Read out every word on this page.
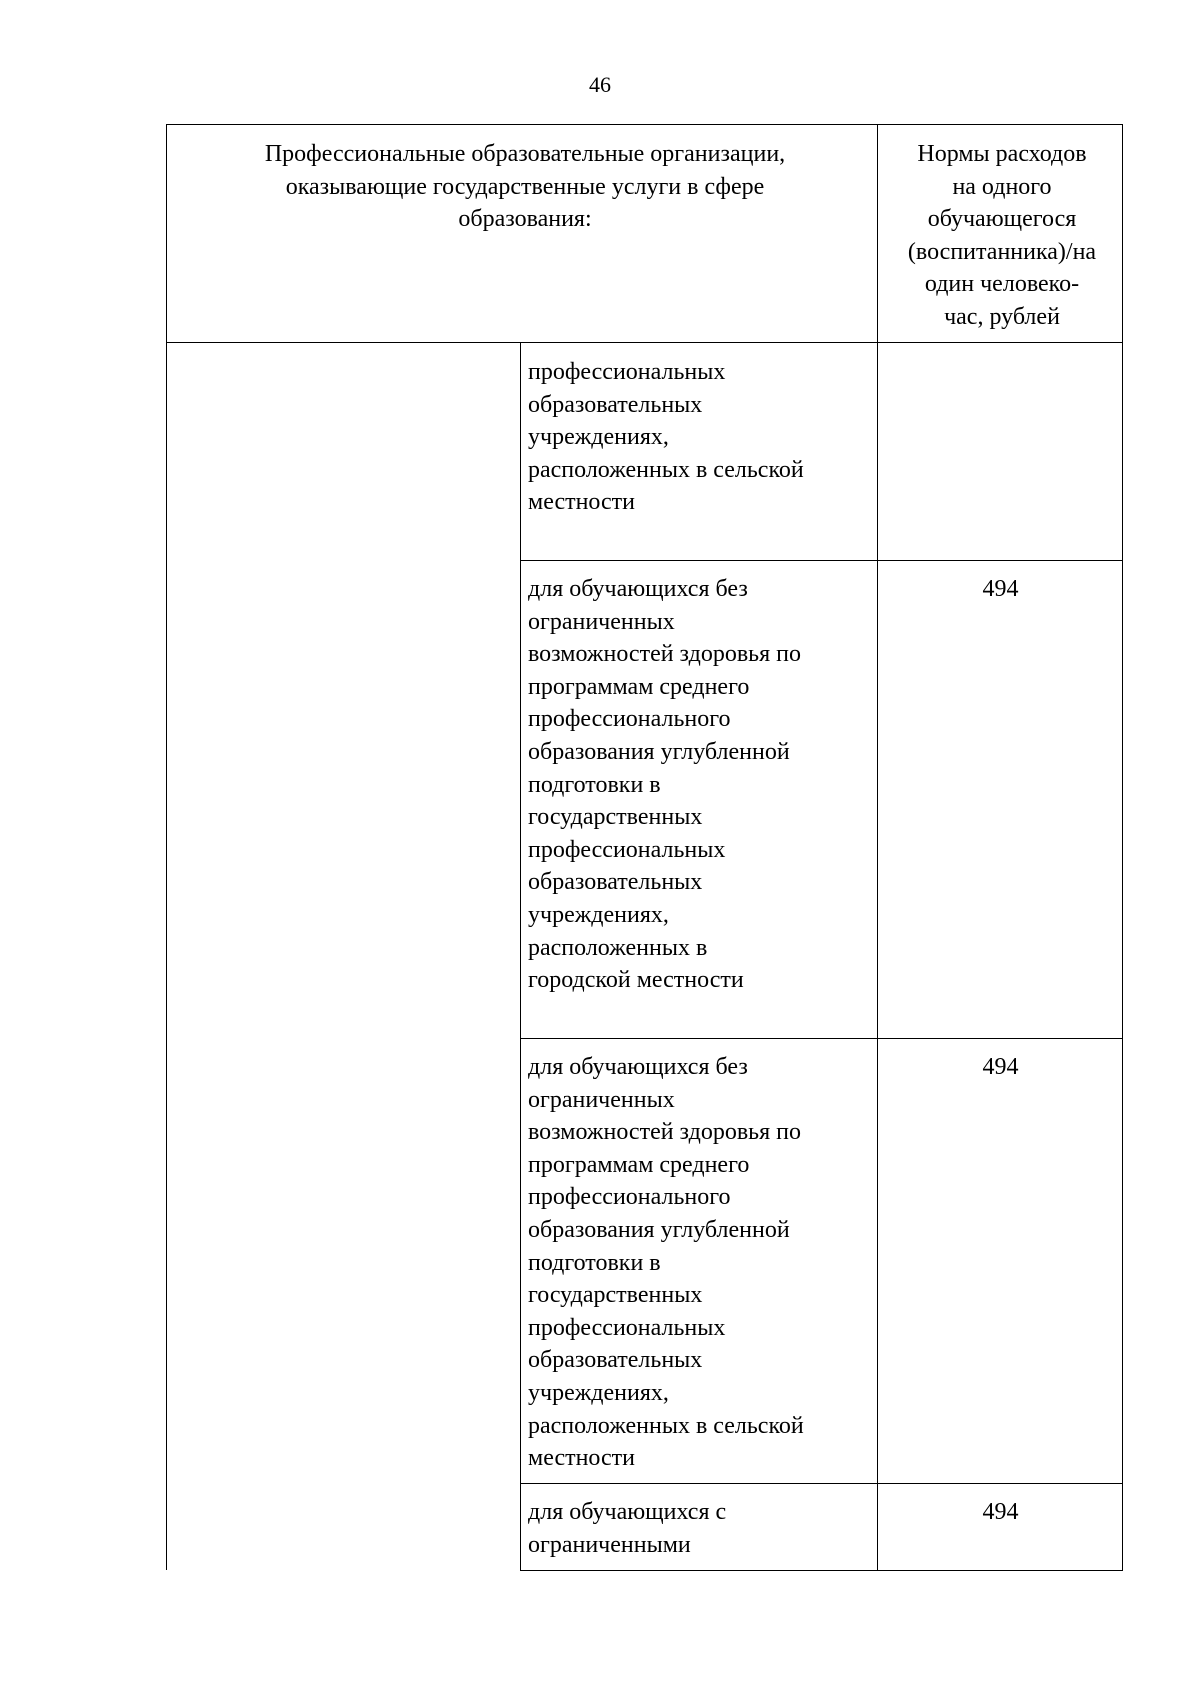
46
Профессиональные образовательные организации,
оказывающие государственные услуги в сфере
образования:
Нормы расходов
на одного
обучающегося
(воспитанника)/на
один человеко-
час, рублей
профессиональных
образовательных
учреждениях,
расположенных в сельской
местности
для обучающихся без
ограниченных
возможностей здоровья по
программам среднего
профессионального
образования углубленной
подготовки в
государственных
профессиональных
образовательных
учреждениях,
расположенных в
городской местности
494
для обучающихся без
ограниченных
возможностей здоровья по
программам среднего
профессионального
образования углубленной
подготовки в
государственных
профессиональных
образовательных
учреждениях,
расположенных в сельской
местности
494
для обучающихся с
ограниченными
494
